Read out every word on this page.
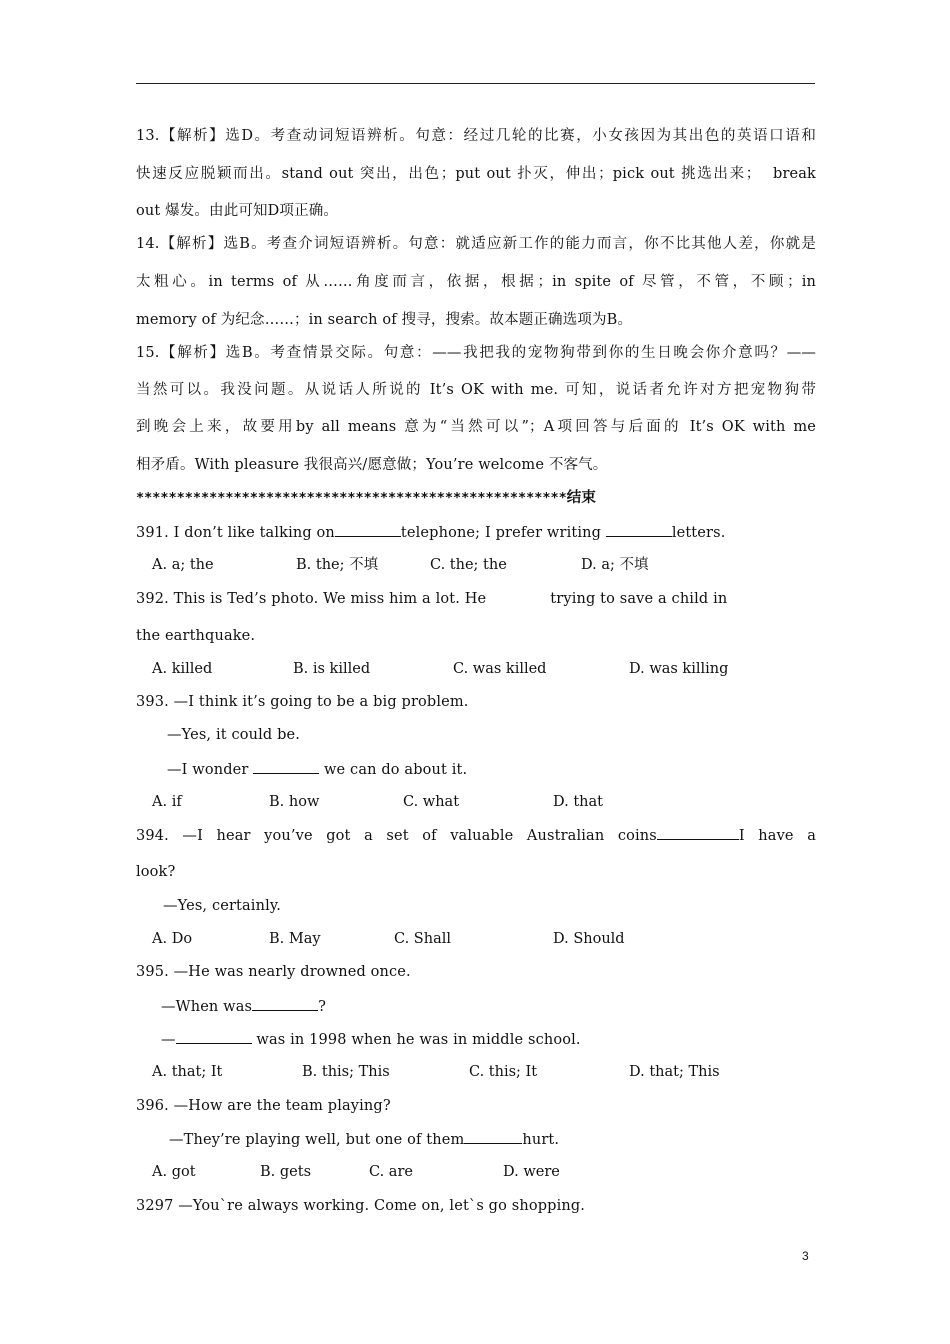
13.【解析】选D。考查动词短语辨析。句意：经过几轮的比赛，小女孩因为其出色的英语口语和
快速反应脱颖而出。stand out 突出，出色；put out 扑灭，伸出；pick out 挑选出来；  break
out 爆发。由此可知D项正确。
14.【解析】选B。考查介词短语辨析。句意：就适应新工作的能力而言，你不比其他人差，你就是
太粗心。in terms of 从……角度而言，依据，根据；in spite of 尽管，不管，不顾；in
memory of 为纪念……；in search of 搜寻，搜索。故本题正确选项为B。
15.【解析】选B。考查情景交际。句意：——我把我的宠物狗带到你的生日晚会你介意吗？——
当然可以。我没问题。从说话人所说的 It’s OK with me. 可知，说话者允许对方把宠物狗带
到晚会上来，故要用by all means 意为“当然可以”；A项回答与后面的 It’s OK with me
相矛盾。With pleasure 我很高兴/愿意做；You’re welcome 不客气。
*****************************************************结束
391. I don’t like talking on	telephone; I prefer writing	letters.
A. a; the	B. the; 不填	C. the; the	D. a; 不填
392. This is Ted’s photo. We miss him a lot. He	trying to save a child in
the earthquake.
A. killed	B. is killed	C. was killed	D. was killing
393. —I think it’s going to be a big problem.
—Yes, it could be.
—I wonder	we can do about it.
A. if	B. how	C. what	D. that
394. —I hear you’ve got a set of valuable Australian coins	I have a
look?
—Yes, certainly.
A. Do	B. May	C. Shall	D. Should
395. —He was nearly drowned once.
—When was	?
—	was in 1998 when he was in middle school.
A. that; It	B. this; This	C. this; It	D. that; This
396. —How are the team playing?
—They’re playing well, but one of them	hurt.
A. got	B. gets	C. are	D. were
3297 —You`re always working. Come on, let`s go shopping.
3
